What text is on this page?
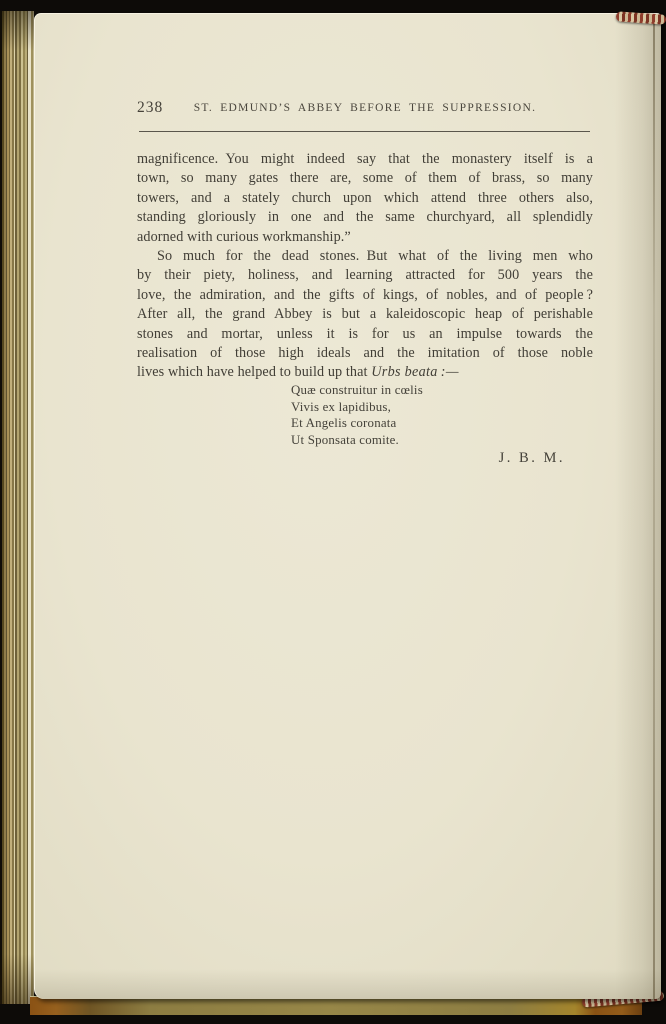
238	ST. EDMUND’S ABBEY BEFORE THE SUPPRESSION.
magnificence. You might indeed say that the monastery itself is a
town, so many gates there are, some of them of brass, so many
towers, and a stately church upon which attend three others also,
standing gloriously in one and the same churchyard, all splendidly
adorned with curious workmanship.”
So much for the dead stones. But what of the living men who
by their piety, holiness, and learning attracted for 500 years the
love, the admiration, and the gifts of kings, of nobles, and of people ?
After all, the grand Abbey is but a kaleidoscopic heap of perishable
stones and mortar, unless it is for us an impulse towards the
realisation of those high ideals and the imitation of those noble
lives which have helped to build up that Urbs beata :—
Quæ construitur in cœlis
Vivis ex lapidibus,
Et Angelis coronata
Ut Sponsata comite.
J. B. M.
